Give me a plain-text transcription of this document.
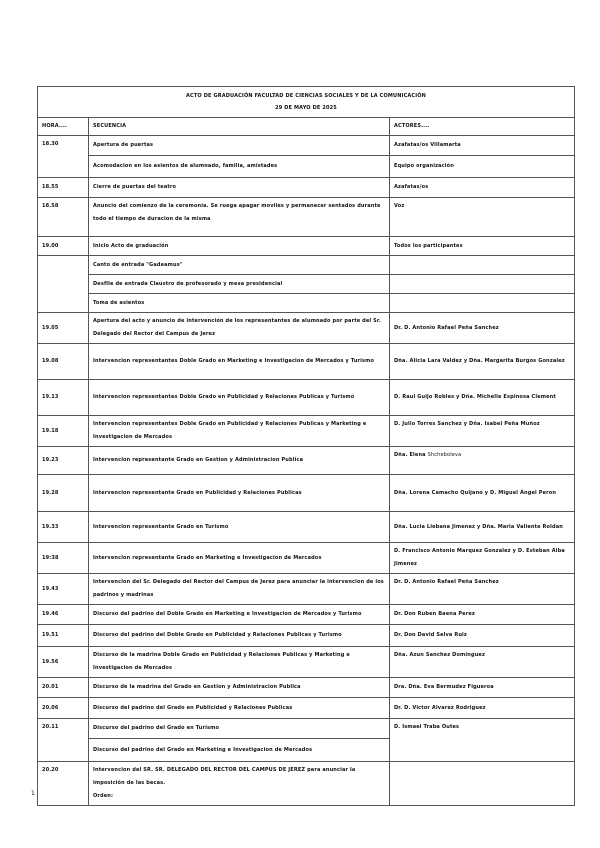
ACTO DE GRADUACIÓN FACULTAD DE CIENCIAS SOCIALES Y DE LA COMUNICACIÓN
29 DE MAYO DE 2025		

HORA....	SECUENCIA	ACTORES....
18.30	Apertura de puertas	Azafatas/os Villamarta
	Acomodacion en los asientos de alumnado, familia, amistades	Equipo organización
18.55	Cierre de puertas del teatro	Azafatas/os
18.58	Anuncio del comienzo de la ceremonia. Se ruega apagar moviles y permanecer sentados durante todo el tiempo de duracion de la misma	Voz
19.00	Inicio Acto de graduación	Todos los participantes
	Canto de entrada "Gadeamus"	
	Desfile de entrada Claustro de profesorado y mesa presidencial	
	Toma de asientos	
19.05	Apertura del acto y anuncio de intervención de los representantes de alumnado por parte del Sr. Delegado del Rector del Campus de Jerez	Dr. D. Antonio Rafael Peña Sanchez
19.08	Intervencion representantes Doble Grado en Marketing e Investigacion de Mercados y Turismo	Dña. Alicia Lara Valdez y Dña. Margarita Burgos Gonzalez
19.13	Intervencion representantes Doble Grado en Publicidad y Relaciones Publicas y Turismo	D. Raul Guijo Robles y Dña. Michelle Espinosa Clement
19.18	Intervencion representantes Doble Grado en Publicidad y Relaciones Publicas y Marketing e Investigacion de Mercados	D. Julio Torres Sanchez y Dña. Isabel Peña Muñoz
19.23	Intervencion representante Grado en Gestion y Administracion Publica	Dña. Elena Shcheboleva
19.28	Intervencion representante Grado en Publicidad y Relaciones Publicas	Dña. Lorena Camacho Quijano y D. Miguel Ángel Peron
19.33	Intervencion representante Grado en Turismo	Dña. Lucia Liebana Jimenez y Dña. Maria Valiente Roldan
19:38	Intervencion representante Grado en Marketing e Investigacion de Mercados	D. Francisco Antonio Marquez Gonzalez y D. Esteban Alba Jimenez
19.43	Intervencion del Sr. Delegado del Rector del Campus de Jerez para anunciar la intervencion de los padrinos y madrinas	Dr. D. Antonio Rafael Peña Sanchez
19.46	Discurso del padrino del Doble Grado en Marketing e Investigacion de Mercados y Turismo	Dr. Don Ruben Baena Perez
19.51	Discurso del padrino del Doble Grado en Publicidad y Relaciones Publicas y Turismo	Dr. Don David Selva Ruiz
19.56	Discurso de la madrina Doble Grado en Publicidad y Relaciones Publicas y Marketing e Investigacion de Mercados	Dña. Azun Sanchez Dominguez
20.01	Discurso de la madrina del Grado en Gestion y Administracion Publica	Dra. Dña. Eva Bermudez Figueroa
20.06	Discurso del padrino del Grado en Publicidad y Relaciones Publicas	Dr. D. Victor Alvarez Rodriguez
20.11	Discurso del padrino del Grado en Turismo	D. Ismael Traba Outes
	Discurso del padrino del Grado en Marketing e Investigacion de Mercados	
20.20	Intervencion del SR. SR. DELEGADO DEL RECTOR DEL CAMPUS DE JEREZ para anunciar la imposición de las becas.
Orden:	
1
